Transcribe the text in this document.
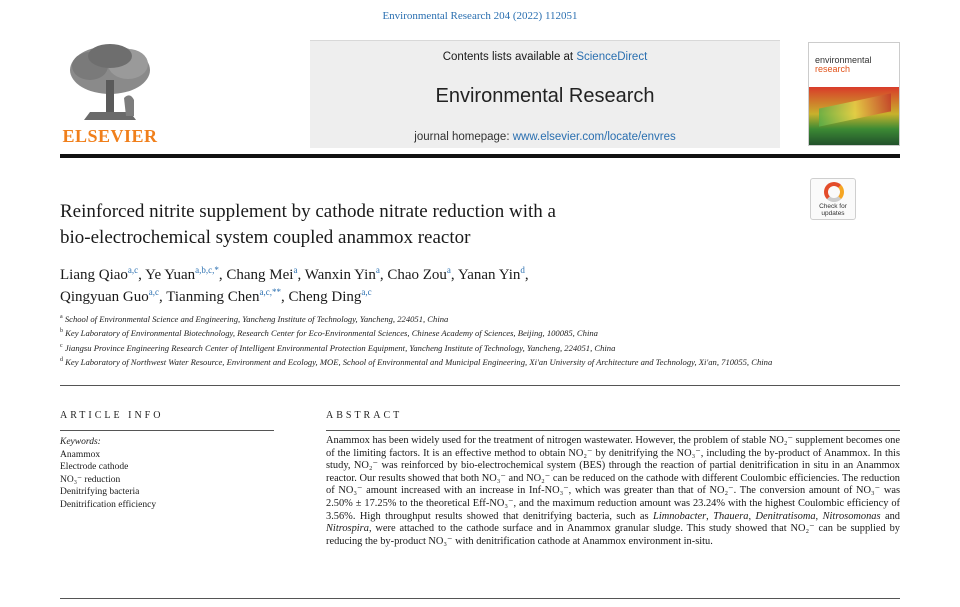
Environmental Research 204 (2022) 112051
ELSEVIER
Contents lists available at ScienceDirect
Environmental Research
journal homepage: www.elsevier.com/locate/envres
environmental
research
Check for
updates
Reinforced nitrite supplement by cathode nitrate reduction with a
bio-electrochemical system coupled anammox reactor
Liang Qiao$^{a,c}$, Ye Yuan$^{a,b,c,*}$, Chang Mei$^a$, Wanxin Yin$^a$, Chao Zou$^a$, Yanan Yin$^d$,
Qingyuan Guo$^{a,c}$, Tianming Chen$^{a,c,**}$, Cheng Ding$^{a,c}$
$^a$ School of Environmental Science and Engineering, Yancheng Institute of Technology, Yancheng, 224051, China
$^b$ Key Laboratory of Environmental Biotechnology, Research Center for Eco-Environmental Sciences, Chinese Academy of Sciences, Beijing, 100085, China
$^c$ Jiangsu Province Engineering Research Center of Intelligent Environmental Protection Equipment, Yancheng Institute of Technology, Yancheng, 224051, China
$^d$ Key Laboratory of Northwest Water Resource, Environment and Ecology, MOE, School of Environmental and Municipal Engineering, Xi'an University of Architecture and Technology, Xi'an, 710055, China
ARTICLE INFO
Keywords:
Anammox
Electrode cathode
NO₃⁻ reduction
Denitrifying bacteria
Denitrification efficiency
ABSTRACT
Anammox has been widely used for the treatment of nitrogen wastewater. However, the problem of stable NO₂⁻ supplement becomes one of the limiting factors. It is an effective method to obtain NO₂⁻ by denitrifying the NO₃⁻, including the by-product of Anammox. In this study, NO₂⁻ was reinforced by bio-electrochemical system (BES) through the reaction of partial denitrification in situ in an Anammox reactor. Our results showed that both NO₃⁻ and NO₂⁻ can be reduced on the cathode with different Coulombic efficiencies. The reduction of NO₃⁻ amount increased with an increase in Inf-NO₃⁻, which was greater than that of NO₂⁻. The conversion amount of NO₃⁻ was 2.50% ± 17.25% to the theoretical Eff-NO₃⁻, and the maximum reduction amount was 23.24% with the highest Coulombic efficiency of 3.56%. High throughput results showed that denitrifying bacteria, such as Limnobacter, Thauera, Denitratisoma, Nitrosomonas and Nitrospira, were attached to the cathode surface and in Anammox granular sludge. This study showed that NO₂⁻ can be supplied by reducing the by-product NO₃⁻ with denitrification cathode at Anammox environment in-situ.
